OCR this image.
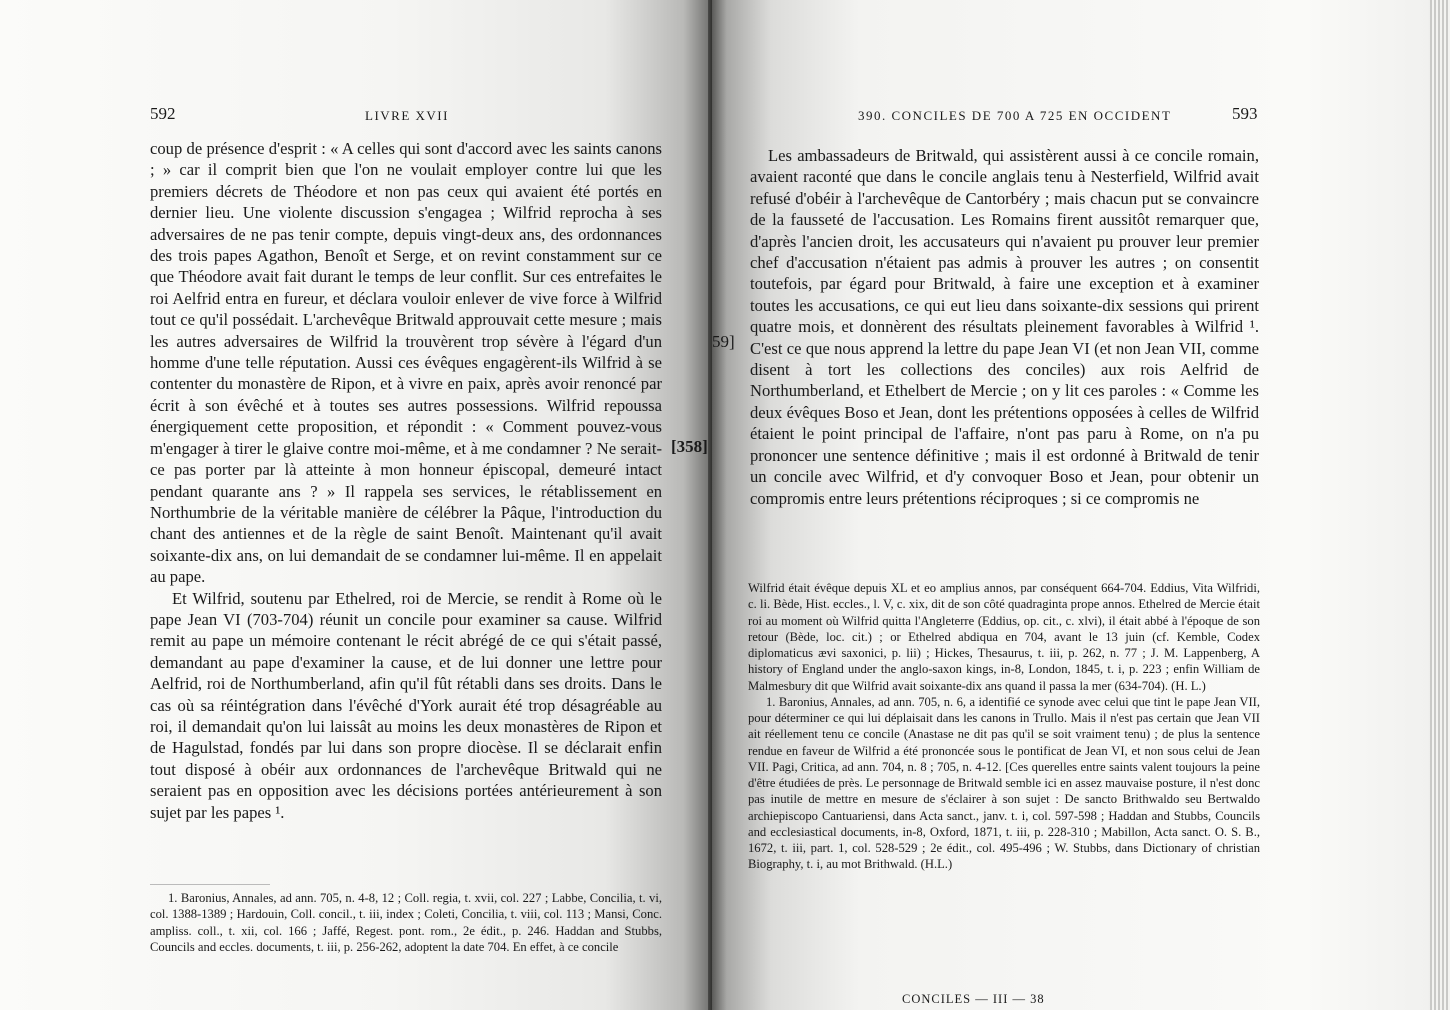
592	LIVRE XVII

coup de présence d'esprit : « A celles qui sont d'accord avec les saints canons ; » car il comprit bien que l'on ne voulait employer contre lui que les premiers décrets de Théodore et non pas ceux qui avaient été portés en dernier lieu. Une violente discussion s'engagea ; Wilfrid reprocha à ses adversaires de ne pas tenir compte, depuis vingt-deux ans, des ordonnances des trois papes Agathon, Benoît et Serge, et on revint constamment sur ce que Théodore avait fait durant le temps de leur conflit. Sur ces entrefaites le roi Aelfrid entra en fureur, et déclara vouloir enlever de vive force à Wilfrid tout ce qu'il possédait. L'archevêque Britwald approuvait cette mesure ; mais les autres adversaires de Wilfrid la trouvèrent trop sévère à l'égard d'un homme d'une telle réputation. Aussi ces évêques engagèrent-ils Wilfrid à se contenter du monastère de Ripon, et à vivre en paix, après avoir renoncé par écrit à son évêché et à toutes ses autres possessions. Wilfrid repoussa énergiquement cette proposition, et répondit : « Comment pouvez-vous m'engager à tirer le glaive contre moi-même, et à me condamner ? Ne serait-ce pas porter par là atteinte à mon honneur épiscopal, demeuré intact pendant quarante ans ? » Il rappela ses services, le rétablissement en Northumbrie de la véritable manière de célébrer la Pâque, l'introduction du chant des antiennes et de la règle de saint Benoît. Maintenant qu'il avait soixante-dix ans, on lui demandait de se condamner lui-même. Il en appelait au pape.

Et Wilfrid, soutenu par Ethelred, roi de Mercie, se rendit à Rome où le pape Jean VI (703-704) réunit un concile pour examiner sa cause. Wilfrid remit au pape un mémoire contenant le récit abrégé de ce qui s'était passé, demandant au pape d'examiner la cause, et de lui donner une lettre pour Aelfrid, roi de Northumberland, afin qu'il fût rétabli dans ses droits. Dans le cas où sa réintégration dans l'évêché d'York aurait été trop désagréable au roi, il demandait qu'on lui laissât au moins les deux monastères de Ripon et de Hagulstad, fondés par lui dans son propre diocèse. Il se déclarait enfin tout disposé à obéir aux ordonnances de l'archevêque Britwald qui ne seraient pas en opposition avec les décisions portées antérieurement à son sujet par les papes ¹.

1. Baronius, Annales, ad ann. 705, n. 4-8, 12 ; Coll. regia, t. xvii, col. 227 ; Labbe, Concilia, t. vi, col. 1388-1389 ; Hardouin, Coll. concil., t. iii, index ; Coleti, Concilia, t. viii, col. 113 ; Mansi, Conc. ampliss. coll., t. xii, col. 166 ; Jaffé, Regest. pont. rom., 2e édit., p. 246. Haddan and Stubbs, Councils and eccles. documents, t. iii, p. 256-262, adoptent la date 704. En effet, à ce concile

[358]
59]
390. CONCILES DE 700 A 725 EN OCCIDENT	593

Les ambassadeurs de Britwald, qui assistèrent aussi à ce concile romain, avaient raconté que dans le concile anglais tenu à Nesterfield, Wilfrid avait refusé d'obéir à l'archevêque de Cantorbéry ; mais chacun put se convaincre de la fausseté de l'accusation. Les Romains firent aussitôt remarquer que, d'après l'ancien droit, les accusateurs qui n'avaient pu prouver leur premier chef d'accusation n'étaient pas admis à prouver les autres ; on consentit toutefois, par égard pour Britwald, à faire une exception et à examiner toutes les accusations, ce qui eut lieu dans soixante-dix sessions qui prirent quatre mois, et donnèrent des résultats pleinement favorables à Wilfrid ¹. C'est ce que nous apprend la lettre du pape Jean VI (et non Jean VII, comme disent à tort les collections des conciles) aux rois Aelfrid de Northumberland, et Ethelbert de Mercie ; on y lit ces paroles : « Comme les deux évêques Boso et Jean, dont les prétentions opposées à celles de Wilfrid étaient le point principal de l'affaire, n'ont pas paru à Rome, on n'a pu prononcer une sentence définitive ; mais il est ordonné à Britwald de tenir un concile avec Wilfrid, et d'y convoquer Boso et Jean, pour obtenir un compromis entre leurs prétentions réciproques ; si ce compromis ne

Wilfrid était évêque depuis XL et eo amplius annos, par conséquent 664-704. Eddius, Vita Wilfridi, c. li. Bède, Hist. eccles., l. V, c. xix, dit de son côté quadraginta prope annos. Ethelred de Mercie était roi au moment où Wilfrid quitta l'Angleterre (Eddius, op. cit., c. xlvi), il était abbé à l'époque de son retour (Bède, loc. cit.) ; or Ethelred abdiqua en 704, avant le 13 juin (cf. Kemble, Codex diplomaticus ævi saxonici, p. lii) ; Hickes, Thesaurus, t. iii, p. 262, n. 77 ; J. M. Lappenberg, A history of England under the anglo-saxon kings, in-8, London, 1845, t. i, p. 223 ; enfin William de Malmesbury dit que Wilfrid avait soixante-dix ans quand il passa la mer (634-704). (H. L.)

1. Baronius, Annales, ad ann. 705, n. 6, a identifié ce synode avec celui que tint le pape Jean VII, pour déterminer ce qui lui déplaisait dans les canons in Trullo. Mais il n'est pas certain que Jean VII ait réellement tenu ce concile (Anastase ne dit pas qu'il se soit vraiment tenu) ; de plus la sentence rendue en faveur de Wilfrid a été prononcée sous le pontificat de Jean VI, et non sous celui de Jean VII. Pagi, Critica, ad ann. 704, n. 8 ; 705, n. 4-12. [Ces querelles entre saints valent toujours la peine d'être étudiées de près. Le personnage de Britwald semble ici en assez mauvaise posture, il n'est donc pas inutile de mettre en mesure de s'éclairer à son sujet : De sancto Brithwaldo seu Bertwaldo archiepiscopo Cantuariensi, dans Acta sanct., janv. t. i, col. 597-598 ; Haddan and Stubbs, Councils and ecclesiastical documents, in-8, Oxford, 1871, t. iii, p. 228-310 ; Mabillon, Acta sanct. O. S. B., 1672, t. iii, part. 1, col. 528-529 ; 2e édit., col. 495-496 ; W. Stubbs, dans Dictionary of christian Biography, t. i, au mot Brithwald. (H.L.)

CONCILES — III — 38
